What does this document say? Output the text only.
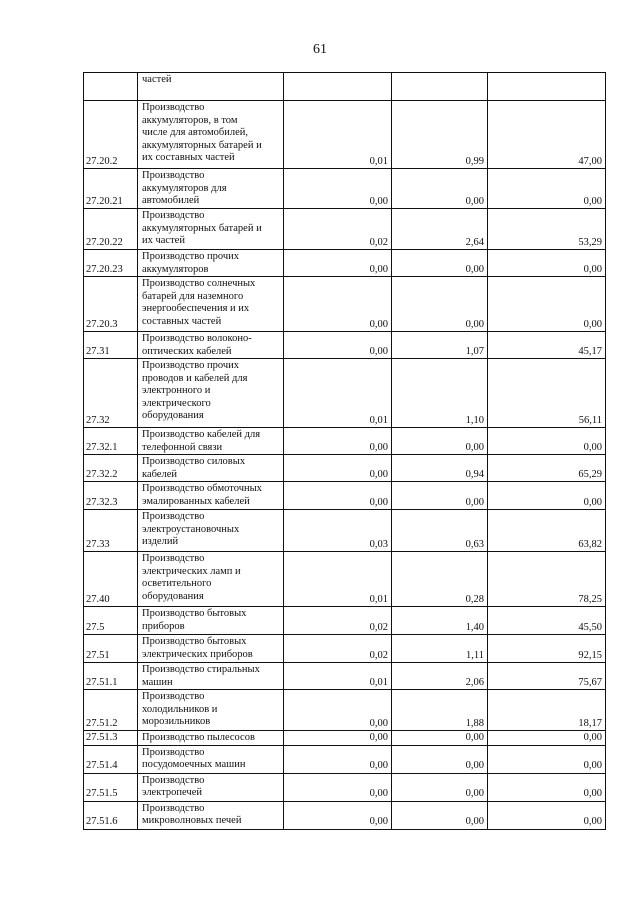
61

	частей			

27.20.2	Производство
аккумуляторов, в том
числе для автомобилей,
аккумуляторных батарей и
их составных частей	0,01	0,99	47,00
27.20.21	Производство
аккумуляторов для
автомобилей	0,00	0,00	0,00
27.20.22	Производство
аккумуляторных батарей и
их частей	0,02	2,64	53,29
27.20.23	Производство прочих
аккумуляторов	0,00	0,00	0,00
27.20.3	Производство солнечных
батарей для наземного
энергообеспечения и их
составных частей	0,00	0,00	0,00
27.31	Производство волоконо-
оптических кабелей	0,00	1,07	45,17
27.32	Производство прочих
проводов и кабелей для
электронного и
электрического
оборудования	0,01	1,10	56,11
27.32.1	Производство кабелей для
телефонной связи	0,00	0,00	0,00
27.32.2	Производство силовых
кабелей	0,00	0,94	65,29
27.32.3	Производство обмоточных
эмалированных кабелей	0,00	0,00	0,00
27.33	Производство
электроустановочных
изделий	0,03	0,63	63,82
27.40	Производство
электрических ламп и
осветительного
оборудования	0,01	0,28	78,25
27.5	Производство бытовых
приборов	0,02	1,40	45,50
27.51	Производство бытовых
электрических приборов	0,02	1,11	92,15
27.51.1	Производство стиральных
машин	0,01	2,06	75,67
27.51.2	Производство
холодильников и
морозильников	0,00	1,88	18,17
27.51.3	Производство пылесосов	0,00	0,00	0,00
27.51.4	Производство
посудомоечных машин	0,00	0,00	0,00
27.51.5	Производство
электропечей	0,00	0,00	0,00
27.51.6	Производство
микроволновых печей	0,00	0,00	0,00
